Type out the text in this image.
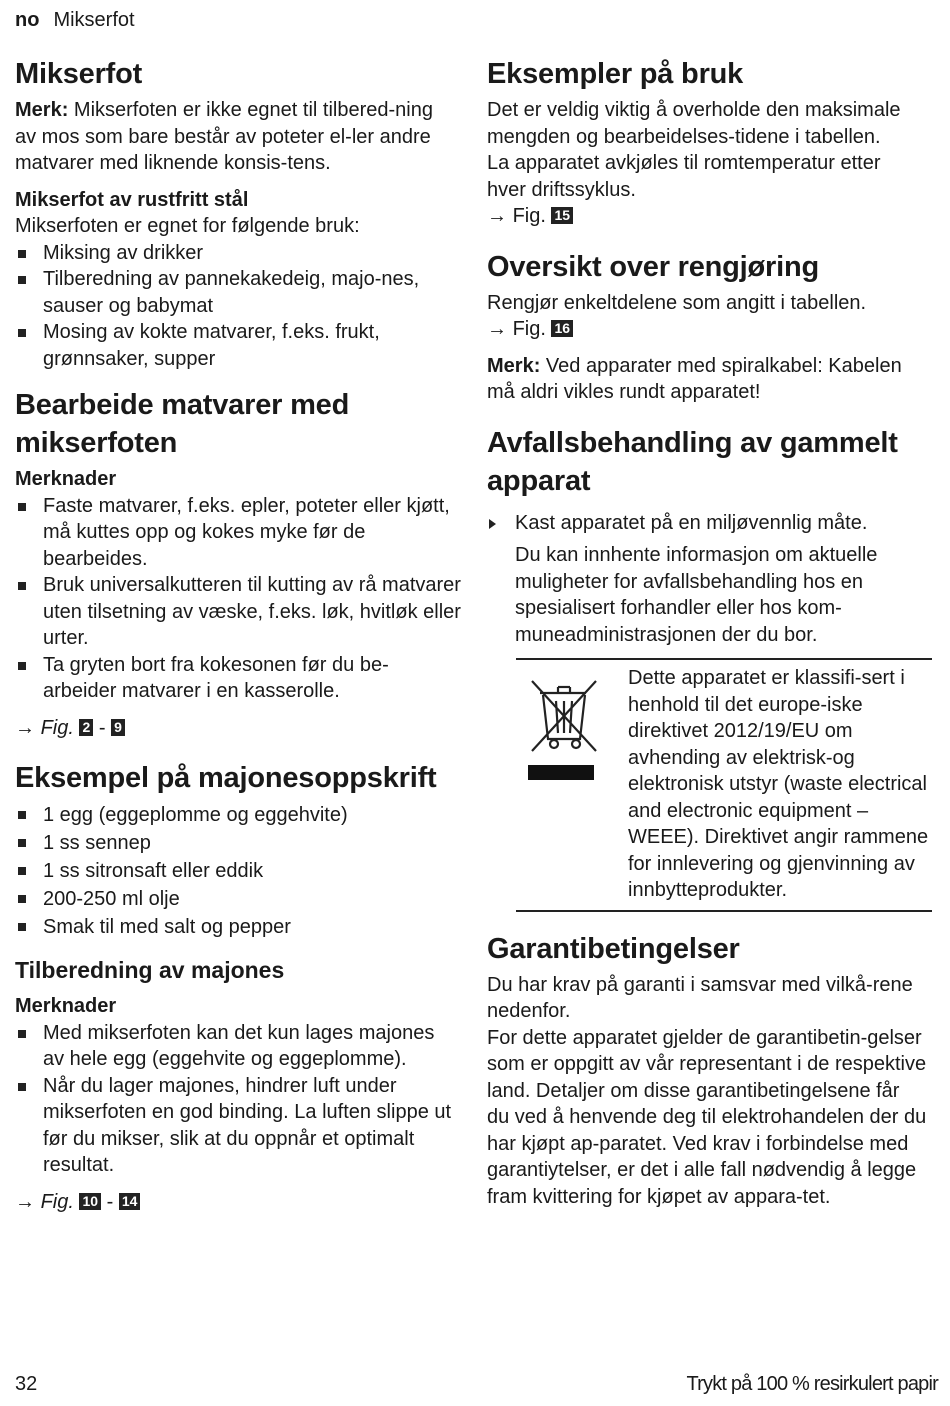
no Mikserfot
Mikserfot

Merk: Mikserfoten er ikke egnet til tilbered-ning av mos som bare består av poteter el-ler andre matvarer med liknende konsis-tens.

Mikserfot av rustfritt stål

Mikserfoten er egnet for følgende bruk:

Miksing av drikker
Tilberedning av pannekakedeig, majo-nes, sauser og babymat
Mosing av kokte matvarer, f.eks. frukt, grønnsaker, supper
Bearbeide matvarer med mikserfoten
Merknader
Faste matvarer, f.eks. epler, poteter eller kjøtt, må kuttes opp og kokes myke før de bearbeides.
Bruk universalkutteren til kutting av rå matvarer uten tilsetning av væske, f.eks. løk, hvitløk eller urter.
Ta gryten bort fra kokesonen før du be-arbeider matvarer i en kasserolle.
→ Fig. 2 - 9
Eksempel på majonesoppskrift
1 egg (eggeplomme og eggehvite)
1 ss sennep
1 ss sitronsaft eller eddik
200-250 ml olje
Smak til med salt og pepper
Tilberedning av majones
Merknader
Med mikserfoten kan det kun lages majones av hele egg (eggehvite og eggeplomme).
Når du lager majones, hindrer luft under mikserfoten en god binding. La luften slippe ut før du mikser, slik at du oppnår et optimalt resultat.
→ Fig. 10 - 14
Eksempler på bruk

Det er veldig viktig å overholde den maksimale mengden og bearbeidelses-tidene i tabellen.

La apparatet avkjøles til romtemperatur etter hver driftssyklus.

→ Fig. 15
Oversikt over rengjøring

Rengjør enkeltdelene som angitt i tabellen.

→ Fig. 16

Merk: Ved apparater med spiralkabel: Kabelen må aldri vikles rundt apparatet!

Avfallsbehandling av gammelt apparat
Kast apparatet på en miljøvennlig måte.

Du kan innhente informasjon om aktuelle muligheter for avfallsbehandling hos en spesialisert forhandler eller hos kom-muneadministrasjonen der du bor.

Dette apparatet er klassifi-sert i henhold til det europe-iske direktivet 2012/19/EU om avhending av elektrisk-og elektronisk utstyr (waste electrical and electronic equipment – WEEE). Direktivet angir rammene for innlevering og gjenvinning av innbytteprodukter.
Garantibetingelser

Du har krav på garanti i samsvar med vilkå-rene nedenfor.

For dette apparatet gjelder de garantibetin-gelser som er oppgitt av vår representant i de respektive land. Detaljer om disse garantibetingelsene får du ved å henvende deg til elektrohandelen der du har kjøpt ap-paratet. Ved krav i forbindelse med garantiytelser, er det i alle fall nødvendig å legge fram kvittering for kjøpet av appara-tet.

32	Trykt på 100 % resirkulert papir
